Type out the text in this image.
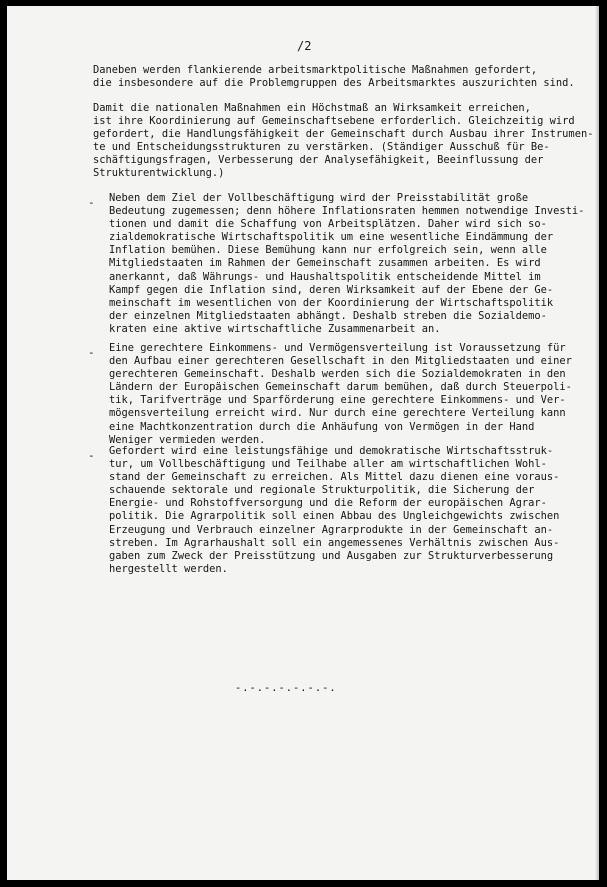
/2
Daneben werden flankierende arbeitsmarktpolitische Maßnahmen gefordert,
die insbesondere auf die Problemgruppen des Arbeitsmarktes auszurichten sind.
Damit die nationalen Maßnahmen ein Höchstmaß an Wirksamkeit erreichen,
ist ihre Koordinierung auf Gemeinschaftsebene erforderlich. Gleichzeitig wird
gefordert, die Handlungsfähigkeit der Gemeinschaft durch Ausbau ihrer Instrumen-
te und Entscheidungsstrukturen zu verstärken. (Ständiger Ausschuß für Be-
schäftigungsfragen, Verbesserung der Analysefähigkeit, Beeinflussung der
Strukturentwicklung.)
- Neben dem Ziel der Vollbeschäftigung wird der Preisstabilität große
Bedeutung zugemessen; denn höhere Inflationsraten hemmen notwendige Investi-
tionen und damit die Schaffung von Arbeitsplätzen. Daher wird sich so-
zialdemokratische Wirtschaftspolitik um eine wesentliche Eindämmung der
Inflation bemühen. Diese Bemühung kann nur erfolgreich sein, wenn alle
Mitgliedstaaten im Rahmen der Gemeinschaft zusammen arbeiten. Es wird
anerkannt, daß Währungs- und Haushaltspolitik entscheidende Mittel im
Kampf gegen die Inflation sind, deren Wirksamkeit auf der Ebene der Ge-
meinschaft im wesentlichen von der Koordinierung der Wirtschaftspolitik
der einzelnen Mitgliedstaaten abhängt. Deshalb streben die Sozialdemo-
kraten eine aktive wirtschaftliche Zusammenarbeit an.
- Eine gerechtere Einkommens- und Vermögensverteilung ist Voraussetzung für
den Aufbau einer gerechteren Gesellschaft in den Mitgliedstaaten und einer
gerechteren Gemeinschaft. Deshalb werden sich die Sozialdemokraten in den
Ländern der Europäischen Gemeinschaft darum bemühen, daß durch Steuerpoli-
tik, Tarifverträge und Sparförderung eine gerechtere Einkommens- und Ver-
mögensverteilung erreicht wird. Nur durch eine gerechtere Verteilung kann
eine Machtkonzentration durch die Anhäufung von Vermögen in der Hand
Weniger vermieden werden.
- Gefordert wird eine leistungsfähige und demokratische Wirtschaftsstruk-
tur, um Vollbeschäftigung und Teilhabe aller am wirtschaftlichen Wohl-
stand der Gemeinschaft zu erreichen. Als Mittel dazu dienen eine voraus-
schauende sektorale und regionale Strukturpolitik, die Sicherung der
Energie- und Rohstoffversorgung und die Reform der europäischen Agrar-
politik. Die Agrarpolitik soll einen Abbau des Ungleichgewichts zwischen
Erzeugung und Verbrauch einzelner Agrarprodukte in der Gemeinschaft an-
streben. Im Agrarhaushalt soll ein angemessenes Verhältnis zwischen Aus-
gaben zum Zweck der Preisstützung und Ausgaben zur Strukturverbesserung
hergestellt werden.
-.-.-.-.-.-.-.
